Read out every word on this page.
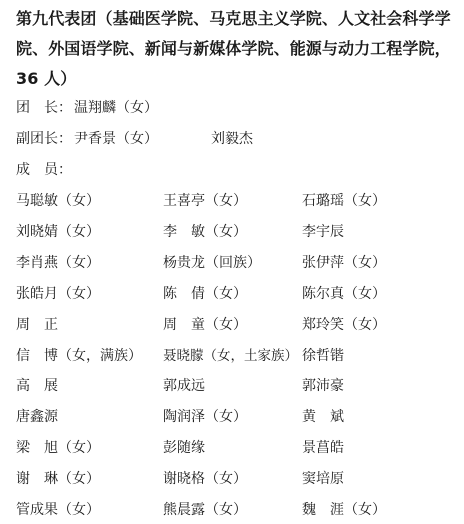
第九代表团（基础医学院、马克思主义学院、人文社会科学学
院、外国语学院、新闻与新媒体学院、能源与动力工程学院，
36 人）
团　长： 温翔麟（女）
副团长： 尹香景（女）	刘毅杰
成　员：
马聪敏（女）	王喜亭（女）	石璐瑶（女）
刘晓婧（女）	李　敏（女）	李宇辰
李肖燕（女）	杨贵龙（回族）	张伊萍（女）
张皓月（女）	陈　倩（女）	陈尔真（女）
周　正	周　童（女）	郑玲笑（女）
信　博（女，满族） 聂晓朦（女，土家族） 徐哲锴
高　展	郭成远	郭沛豪
唐鑫源	陶润泽（女）	黄　斌
梁　旭（女）	彭随缘	景菖皓
谢　琳（女）	谢晓格（女）	窦培原
管成果（女）	熊晨露（女）	魏　涯（女）
